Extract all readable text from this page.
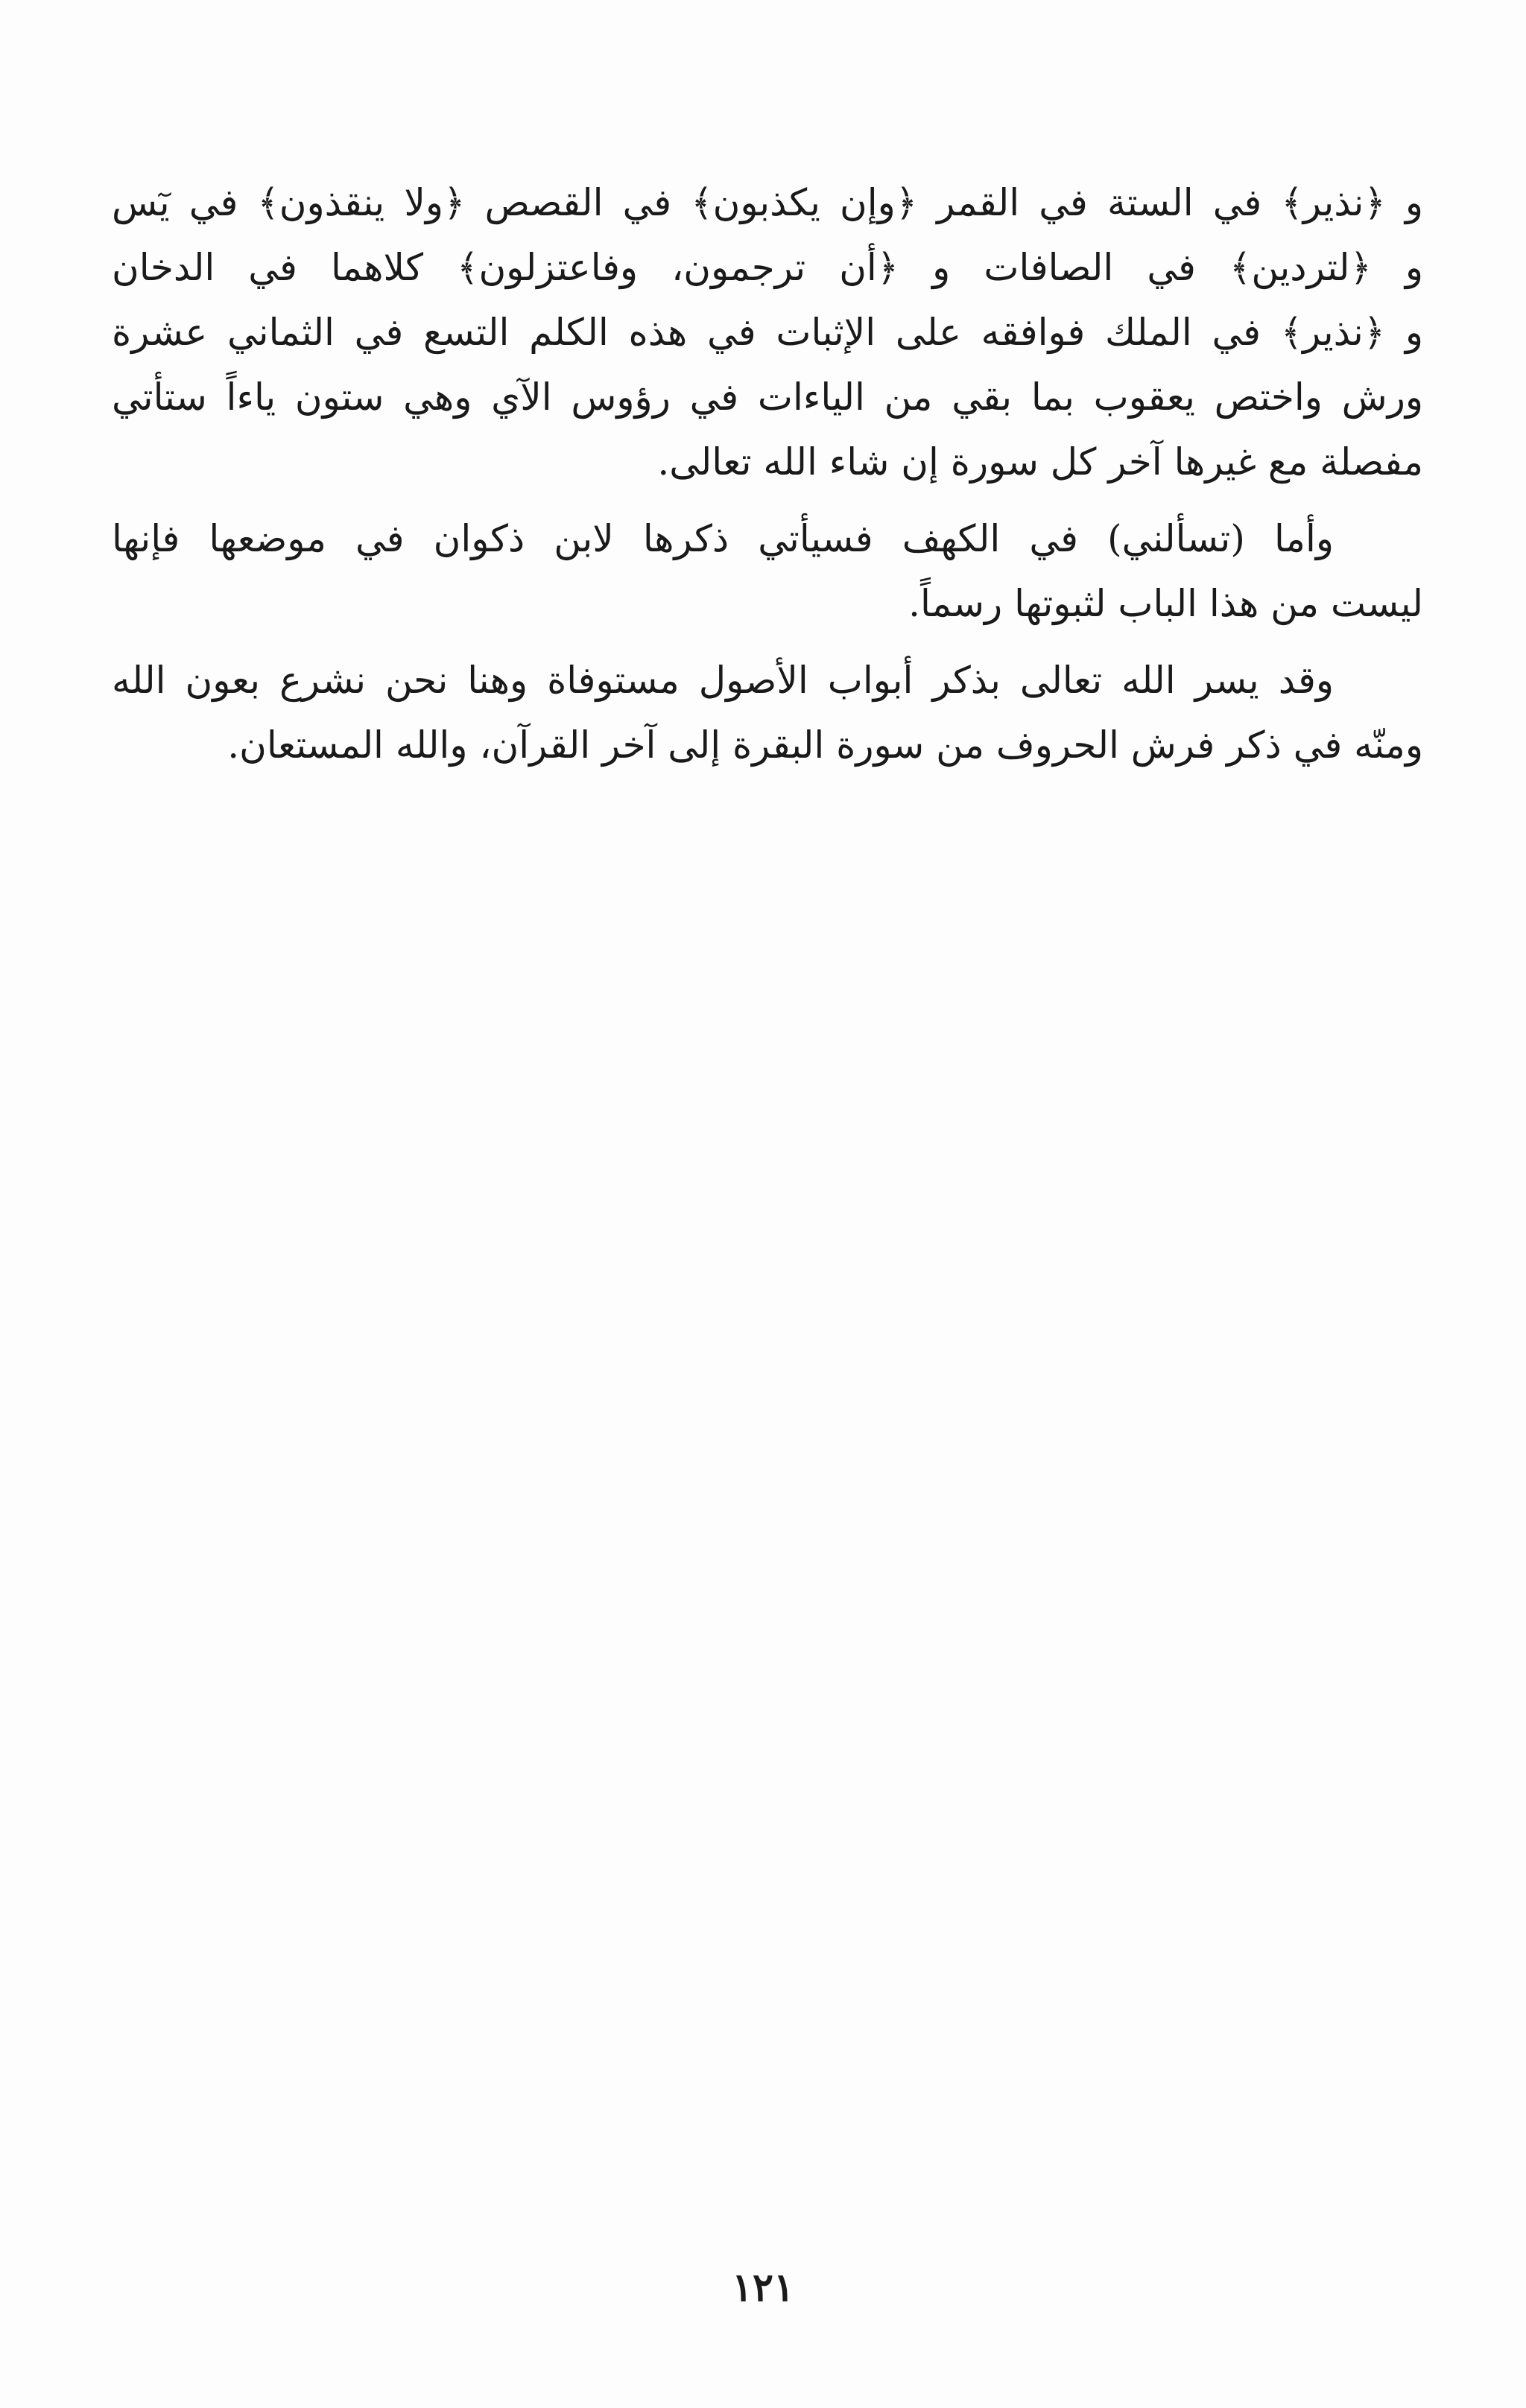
و ﴿نذير﴾ في الستة في القمر ﴿وإن يكذبون﴾ في القصص ﴿ولا ينقذون﴾ في يٓس
و ﴿لتردين﴾ في الصافات و ﴿أن ترجمون، وفاعتزلون﴾ كلاهما في الدخان
و ﴿نذير﴾ في الملك فوافقه على الإثبات في هذه الكلم التسع في الثماني عشرة
ورش واختص يعقوب بما بقي من الياءات في رؤوس الآي وهي ستون ياءاً ستأتي
مفصلة مع غيرها آخر كل سورة إن شاء الله تعالى.
وأما (تسألني) في الكهف فسيأتي ذكرها لابن ذكوان في موضعها فإنها
ليست من هذا الباب لثبوتها رسماً.
وقد يسر الله تعالى بذكر أبواب الأصول مستوفاة وهنا نحن نشرع بعون الله
ومنّه في ذكر فرش الحروف من سورة البقرة إلى آخر القرآن، والله المستعان.
١٢١
